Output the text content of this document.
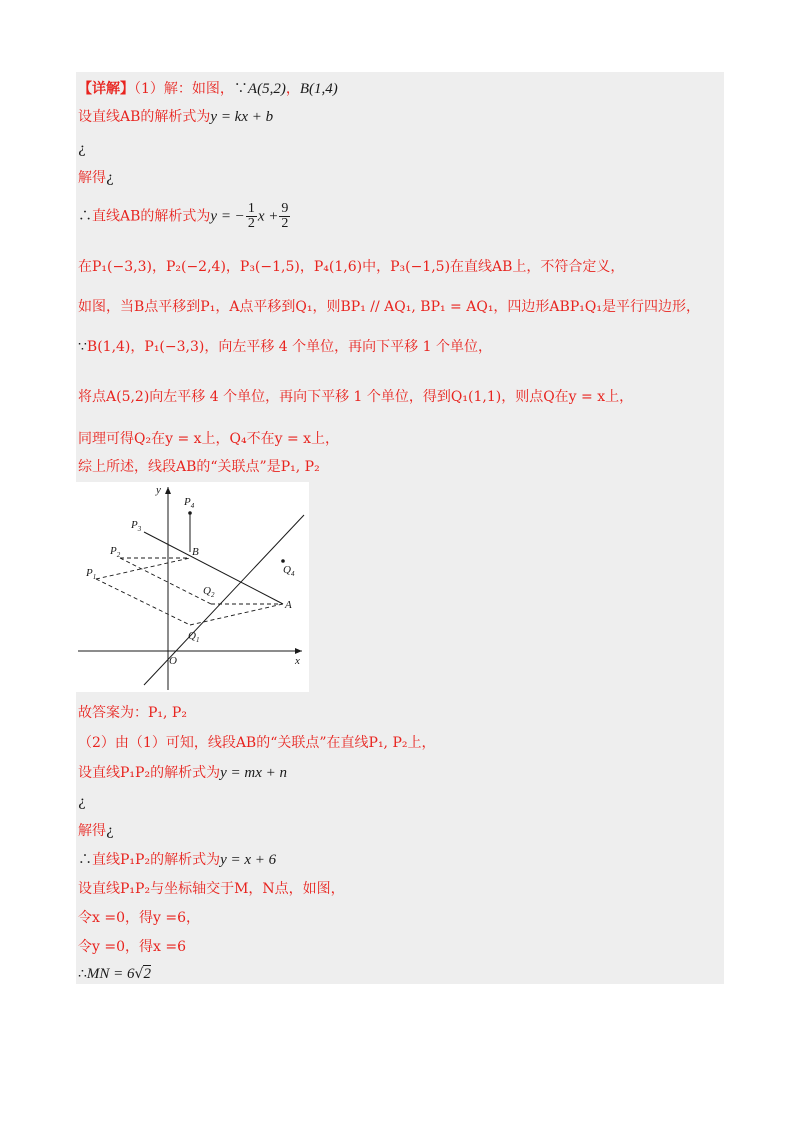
【详解】（1）解：如图，∵A(5,2)，B(1,4)
设直线AB的解析式为y = kx + b
¿
解得¿
∴直线AB的解析式为y = − $\frac{1}{2}$ $x + \frac{9}{2}$
在P₁(−3,3)，P₂(−2,4)，P₃(−1,5)，P₄(1,6)中，P₃(−1,5)在直线AB上，不符合定义，
如图，当B点平移到P₁，A点平移到Q₁，则BP₁ // AQ₁, BP₁ = AQ₁，四边形ABP₁Q₁是平行四边形，
∵B(1,4)，P₁(−3,3)，向左平移 4 个单位，再向下平移 1 个单位，
将点A(5,2)向左平移 4 个单位，再向下平移 1 个单位，得到Q₁(1,1)，则点Q在y = x上，
同理可得Q₂在y = x上，Q₄不在y = x上，
综上所述，线段AB的“关联点”是P₁, P₂
x
y
O
A
B
$P_4$
$P_3$
$P_2$
$P_1$
$Q_2$
$Q_1$
$Q_4$
故答案为：P₁, P₂
（2）由（1）可知，线段AB的“关联点”在直线P₁, P₂上，
设直线P₁P₂的解析式为y = mx + n
¿
解得¿
∴直线P₁P₂的解析式为y = x + 6
设直线P₁P₂与坐标轴交于M，N点，如图，
令x =0，得y =6，
令y =0，得x =6
∴MN = 6√2
